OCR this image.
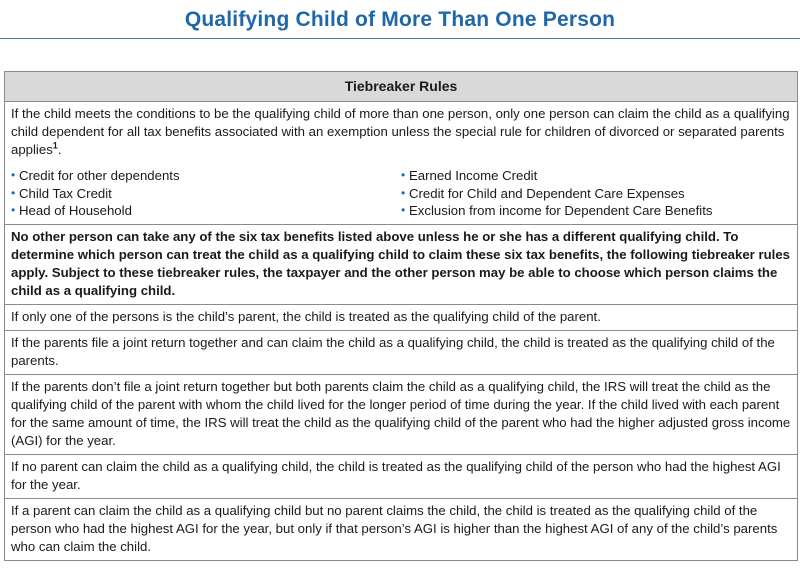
Qualifying Child of More Than One Person
Tiebreaker Rules
If the child meets the conditions to be the qualifying child of more than one person, only one person can claim the child as a qualifying child dependent for all tax benefits associated with an exemption unless the special rule for children of divorced or separated parents applies$^1$.
• Credit for other dependents
• Child Tax Credit
• Head of Household
• Earned Income Credit
• Credit for Child and Dependent Care Expenses
• Exclusion from income for Dependent Care Benefits
No other person can take any of the six tax benefits listed above unless he or she has a different qualifying child. To determine which person can treat the child as a qualifying child to claim these six tax benefits, the following tiebreaker rules apply. Subject to these tiebreaker rules, the taxpayer and the other person may be able to choose which person claims the child as a qualifying child.
If only one of the persons is the child’s parent, the child is treated as the qualifying child of the parent.
If the parents file a joint return together and can claim the child as a qualifying child, the child is treated as the qualifying child of the parents.
If the parents don’t file a joint return together but both parents claim the child as a qualifying child, the IRS will treat the child as the qualifying child of the parent with whom the child lived for the longer period of time during the year. If the child lived with each parent for the same amount of time, the IRS will treat the child as the qualifying child of the parent who had the higher adjusted gross income (AGI) for the year.
If no parent can claim the child as a qualifying child, the child is treated as the qualifying child of the person who had the highest AGI for the year.
If a parent can claim the child as a qualifying child but no parent claims the child, the child is treated as the qualifying child of the person who had the highest AGI for the year, but only if that person’s AGI is higher than the highest AGI of any of the child’s parents who can claim the child.
